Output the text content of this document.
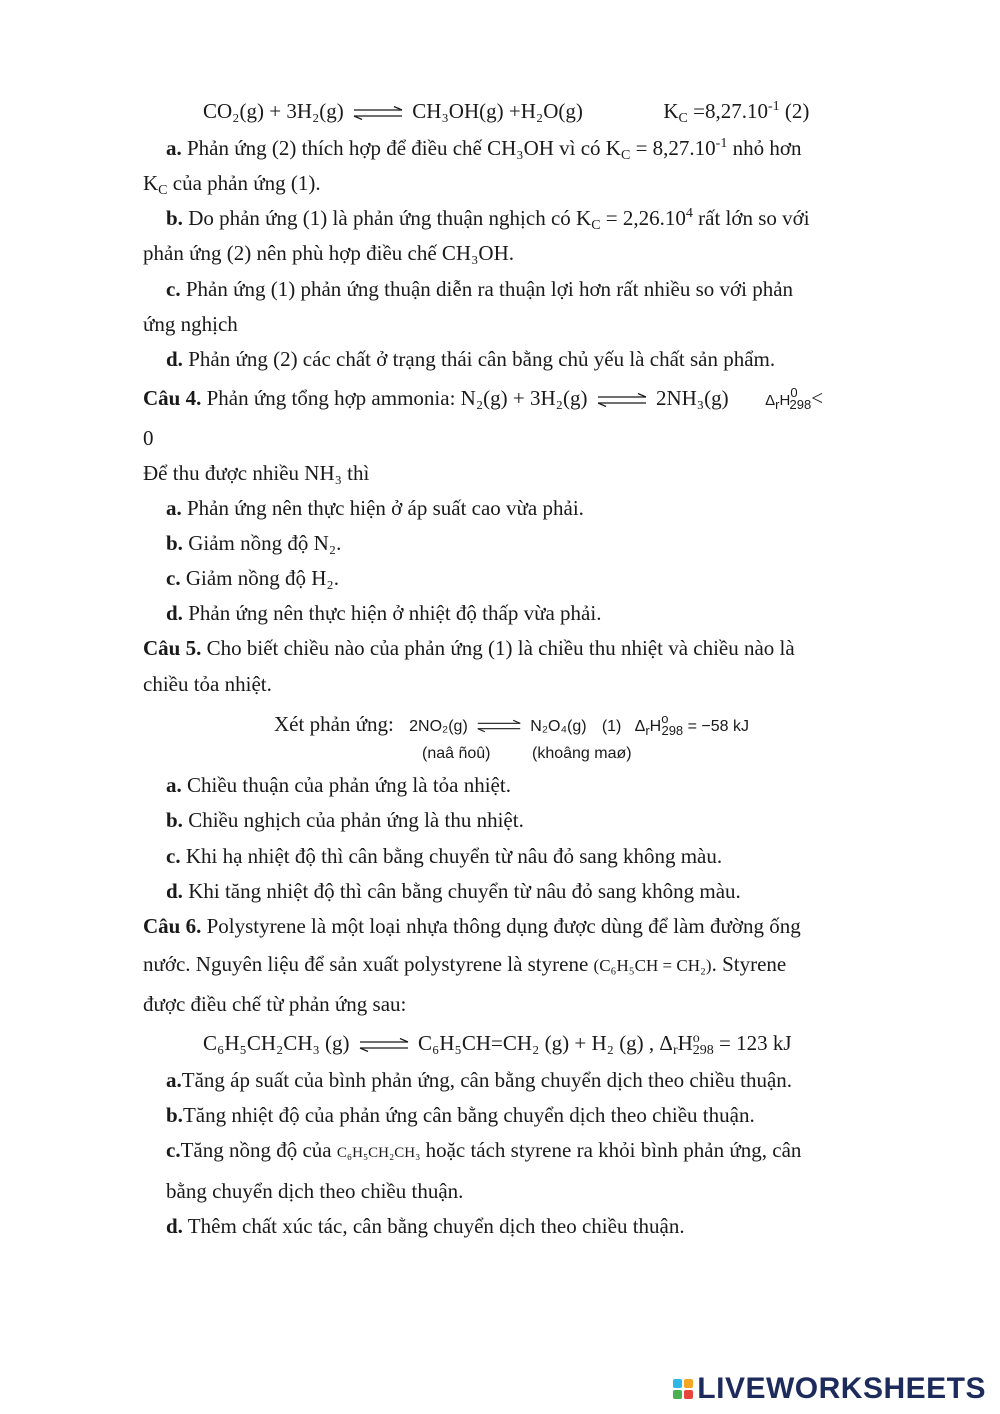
CO₂(g) + 3H₂(g)	CH₃OH(g) +H₂O(g)	$K_C =8,27.10^{-1}$ (2)
a. Phản ứng (2) thích hợp để điều chế CH₃OH vì có $K_C = 8,27.10^{-1}$ nhỏ hơn
$K_C$ của phản ứng (1).
b. Do phản ứng (1) là phản ứng thuận nghịch có $K_C = 2,26.10^4$ rất lớn so với
phản ứng (2) nên phù hợp điều chế CH₃OH.
c. Phản ứng (1) phản ứng thuận diễn ra thuận lợi hơn rất nhiều so với phản
ứng nghịch
d. Phản ứng (2) các chất ở trạng thái cân bằng chủ yếu là chất sản phẩm.
Câu 4. Phản ứng tổng hợp ammonia: N₂(g) + 3H₂(g)	2NH₃(g) $\Delta_rH^0_{298}<$
0
Để thu được nhiều NH₃ thì
a. Phản ứng nên thực hiện ở áp suất cao vừa phải.
b. Giảm nồng độ N₂.
c. Giảm nồng độ H₂.
d. Phản ứng nên thực hiện ở nhiệt độ thấp vừa phải.
Câu 5. Cho biết chiều nào của phản ứng (1) là chiều thu nhiệt và chiều nào là
chiều tỏa nhiệt.
Xét phản ứng: 2NO₂(g)	N₂O₄(g) (1) $\Delta_rH^o_{298} = -58$ kJ
(naâ ñoû)	(khoâng maø)
a. Chiều thuận của phản ứng là tỏa nhiệt.
b. Chiều nghịch của phản ứng là thu nhiệt.
c. Khi hạ nhiệt độ thì cân bằng chuyển từ nâu đỏ sang không màu.
d. Khi tăng nhiệt độ thì cân bằng chuyển từ nâu đỏ sang không màu.
Câu 6. Polystyrene là một loại nhựa thông dụng được dùng để làm đường ống
nước. Nguyên liệu để sản xuất polystyrene là styrene (C₆H₅CH = CH₂). Styrene
được điều chế từ phản ứng sau:
C₆H₅CH₂CH₃ (g)	C₆H₅CH=CH₂ (g) + H₂ (g) , $\Delta_rH^o_{298} = 123$ kJ
a.Tăng áp suất của bình phản ứng, cân bằng chuyển dịch theo chiều thuận.
b.Tăng nhiệt độ của phản ứng cân bằng chuyển dịch theo chiều thuận.
c.Tăng nồng độ của C₆H₅CH₂CH₃ hoặc tách styrene ra khỏi bình phản ứng, cân
bằng chuyển dịch theo chiều thuận.
d. Thêm chất xúc tác, cân bằng chuyển dịch theo chiều thuận.
LIVEWORKSHEETS
